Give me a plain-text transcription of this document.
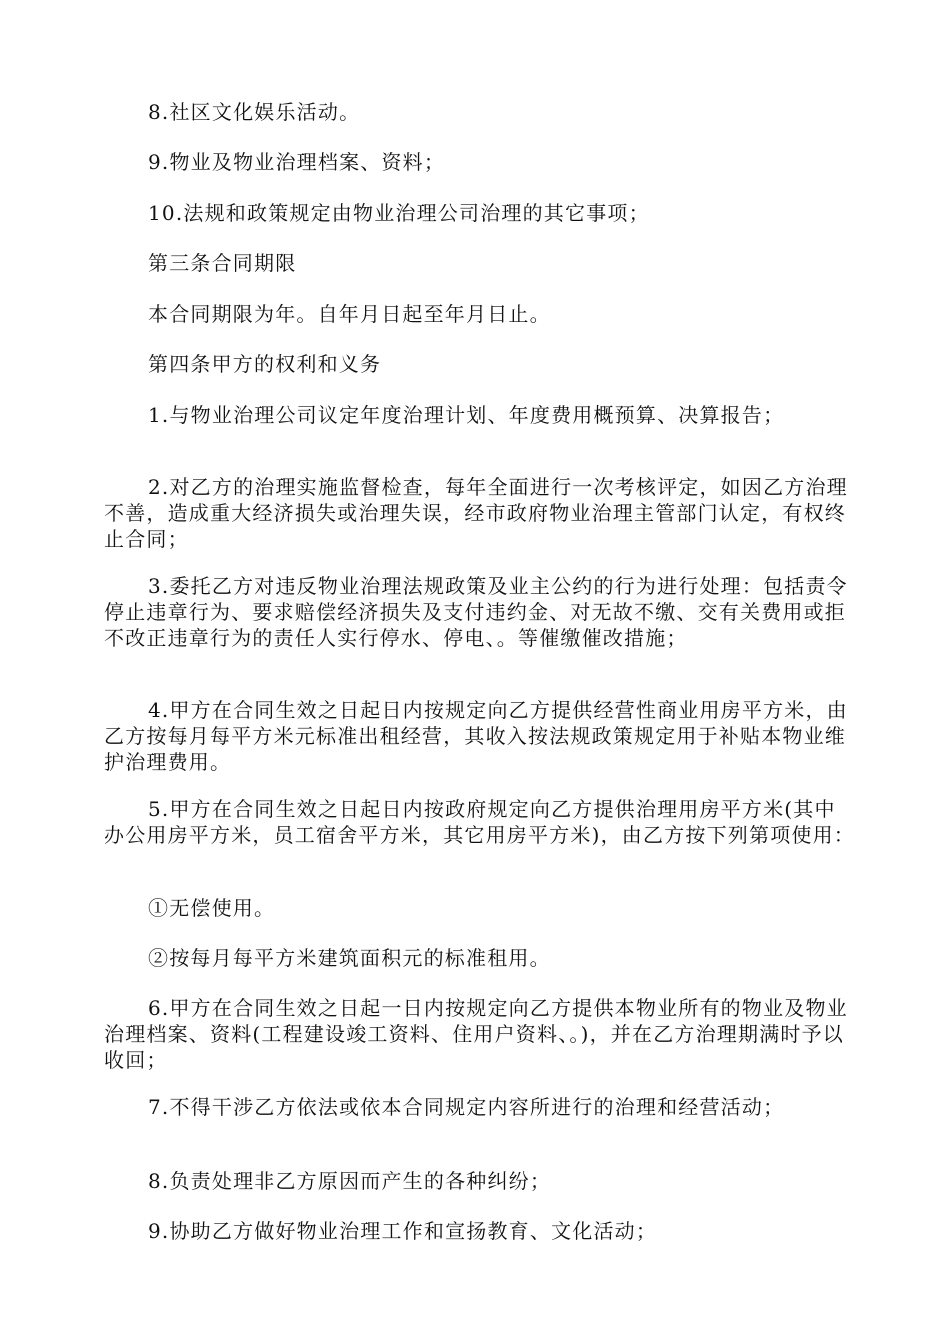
8.社区文化娱乐活动。

9.物业及物业治理档案、资料；

10.法规和政策规定由物业治理公司治理的其它事项；

第三条合同期限

本合同期限为年。自年月日起至年月日止。

第四条甲方的权利和义务

1.与物业治理公司议定年度治理计划、年度费用概预算、决算报告；

2.对乙方的治理实施监督检查，每年全面进行一次考核评定，如因乙方治理不善，造成重大经济损失或治理失误，经市政府物业治理主管部门认定，有权终止合同；

3.委托乙方对违反物业治理法规政策及业主公约的行为进行处理：包括责令停止违章行为、要求赔偿经济损失及支付违约金、对无故不缴、交有关费用或拒不改正违章行为的责任人实行停水、停电、。等催缴催改措施；

4.甲方在合同生效之日起日内按规定向乙方提供经营性商业用房平方米，由乙方按每月每平方米元标准出租经营，其收入按法规政策规定用于补贴本物业维护治理费用。

5.甲方在合同生效之日起日内按政府规定向乙方提供治理用房平方米(其中办公用房平方米，员工宿舍平方米，其它用房平方米)，由乙方按下列第项使用：

①无偿使用。

②按每月每平方米建筑面积元的标准租用。

6.甲方在合同生效之日起一日内按规定向乙方提供本物业所有的物业及物业治理档案、资料(工程建设竣工资料、住用户资料、。)，并在乙方治理期满时予以收回；

7.不得干涉乙方依法或依本合同规定内容所进行的治理和经营活动；

8.负责处理非乙方原因而产生的各种纠纷；

9.协助乙方做好物业治理工作和宣扬教育、文化活动；
